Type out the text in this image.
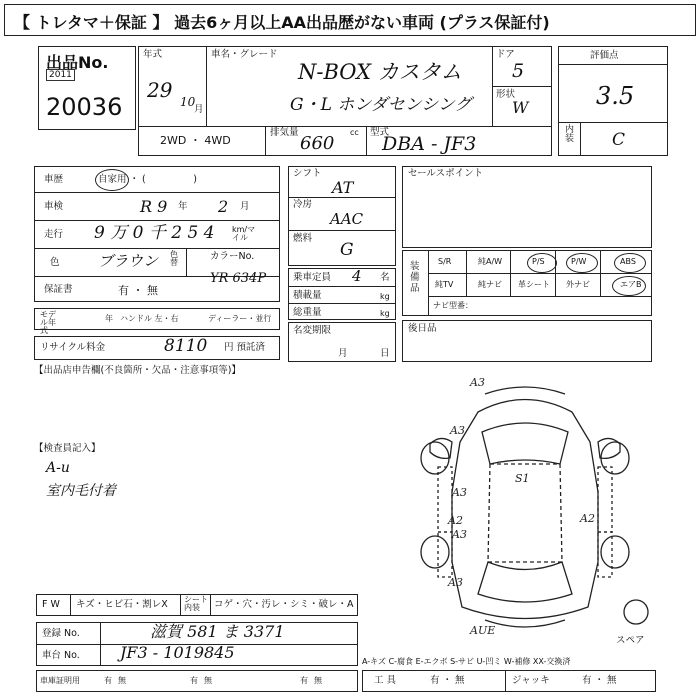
【 トレタマ＋保証 】 過去6ヶ月以上AA出品歴がない車両 (プラス保証付)
出品No.
2011
20036
年式
29 10
月
車名・グレード
N-BOX カスタム
G・L ホンダセンシング
ドア
5
形状
W
2WD ・ 4WD
排気量
660
cc 型式
DBA - JF3
評価点
3.5
内装 C
車歴	自家用 ・ (　　　　　)
車検	R 9 年 2 月
走行 9 万 0 千 2 5 4 km/マイル
色	ブラウン 色替
カラーNo.
YR 634P
保証書	有 ・ 無
モデル年式
年 ハンドル 左・右	ディーラー・並行
リサイクル料金	8110 円 預託済
【出品店申告欄(不良箇所・欠品・注意事項等)】
【検査員記入】
A-u
室内毛付着
シフト
AT
冷房
AAC
燃料
G
乗車定員 4 名
積載量	kg
総重量	kg
名変期限
月	日
セールスポイント
装備品
S/R	純A/W	P/S	P/W	ABS
純TV	純ナビ 革シート 外ナビ	エアB
ナビ型番：
後日品
A3
A3
A3
A3
A2
A2
A3
S1
AUE
スペア
F W キズ・ヒビ石・割レX シート内装	コゲ・穴・汚レ・シミ・破レ・A
登録 No.	滋賀 581 ま 3371
車台 No.	JF3 - 1019845
車庫証明用	有 無	有 無	有 無
A-キズ C-腐食 E-エクボ S-サビ U-凹ミ W-補修 XX-交換済
工 具	有 ・ 無	ジャッキ	有 ・ 無
